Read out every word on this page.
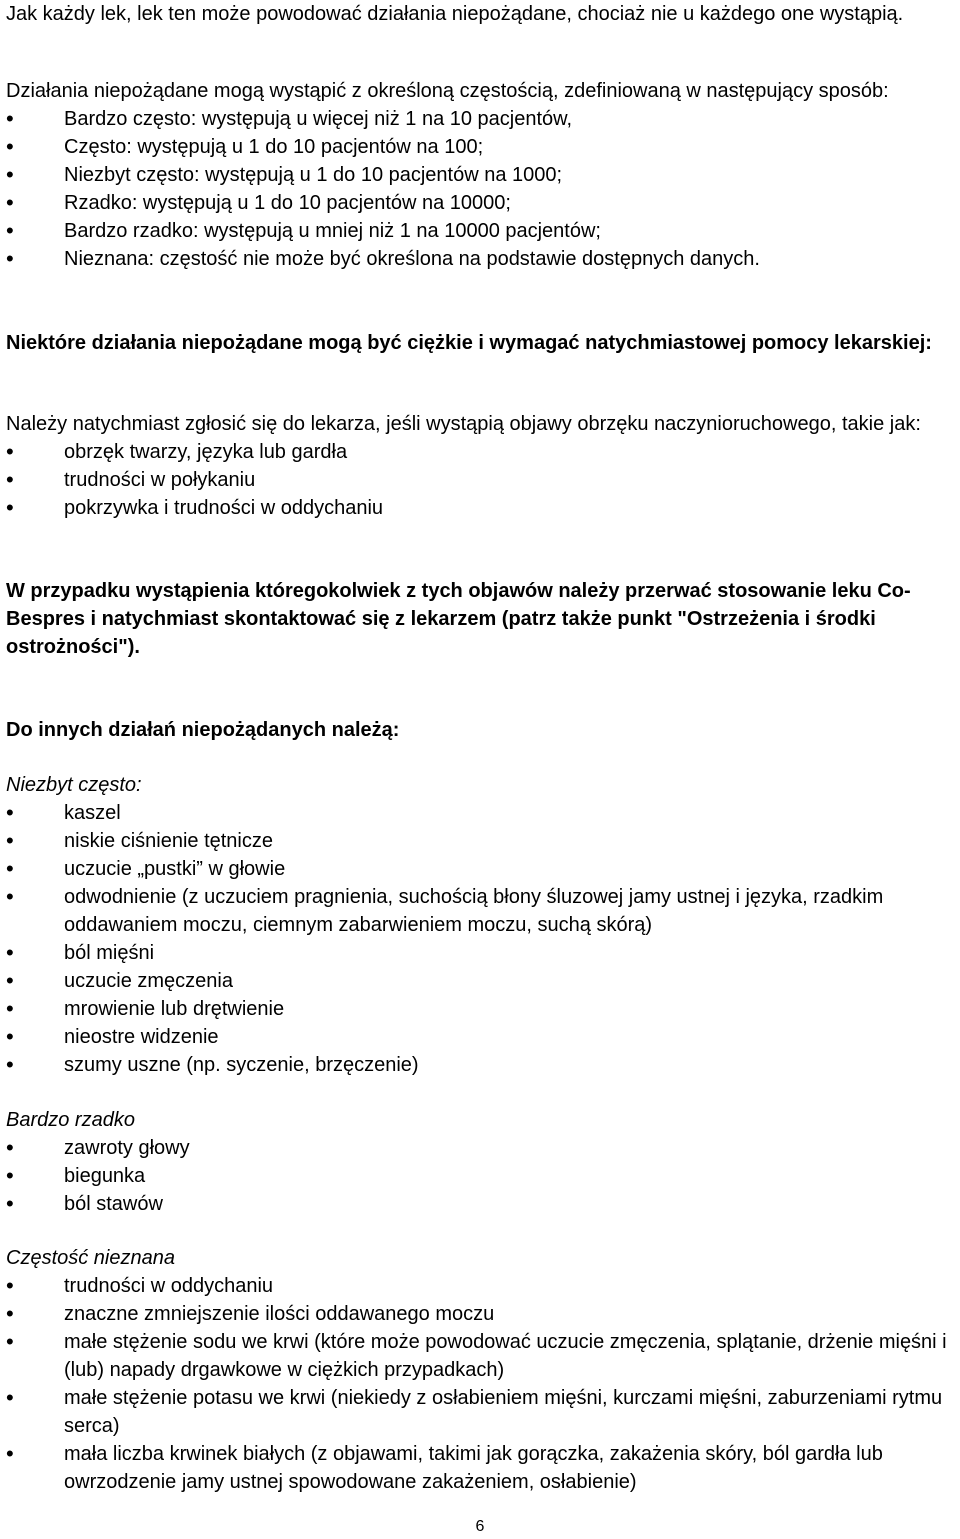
Jak każdy lek, lek ten może powodować działania niepożądane, chociaż nie u każdego one wystąpią.
Działania niepożądane mogą wystąpić z określoną częstością, zdefiniowaną w następujący sposób:
• Bardzo często: występują u więcej niż 1 na 10 pacjentów,
• Często: występują u 1 do 10 pacjentów na 100;
• Niezbyt często: występują u 1 do 10 pacjentów na 1000;
• Rzadko: występują u 1 do 10 pacjentów na 10000;
• Bardzo rzadko: występują u mniej niż 1 na 10000 pacjentów;
• Nieznana: częstość nie może być określona na podstawie dostępnych danych.
Niektóre działania niepożądane mogą być ciężkie i wymagać natychmiastowej pomocy lekarskiej:
Należy natychmiast zgłosić się do lekarza, jeśli wystąpią objawy obrzęku naczynioruchowego, takie jak:
• obrzęk twarzy, języka lub gardła
• trudności w połykaniu
• pokrzywka i trudności w oddychaniu
W przypadku wystąpienia któregokolwiek z tych objawów należy przerwać stosowanie leku Co-Bespres i natychmiast skontaktować się z lekarzem (patrz także punkt "Ostrzeżenia i środki ostrożności").
Do innych działań niepożądanych należą:
Niezbyt często:
• kaszel
• niskie ciśnienie tętnicze
• uczucie „pustki” w głowie
• odwodnienie (z uczuciem pragnienia, suchością błony śluzowej jamy ustnej i języka, rzadkim oddawaniem moczu, ciemnym zabarwieniem moczu, suchą skórą)
• ból mięśni
• uczucie zmęczenia
• mrowienie lub drętwienie
• nieostre widzenie
• szumy uszne (np. syczenie, brzęczenie)
Bardzo rzadko
• zawroty głowy
• biegunka
• ból stawów
Częstość nieznana
• trudności w oddychaniu
• znaczne zmniejszenie ilości oddawanego moczu
• małe stężenie sodu we krwi (które może powodować uczucie zmęczenia, splątanie, drżenie mięśni i (lub) napady drgawkowe w ciężkich przypadkach)
• małe stężenie potasu we krwi (niekiedy z osłabieniem mięśni, kurczami mięśni, zaburzeniami rytmu serca)
• mała liczba krwinek białych (z objawami, takimi jak gorączka, zakażenia skóry, ból gardła lub owrzodzenie jamy ustnej spowodowane zakażeniem, osłabienie)
6
